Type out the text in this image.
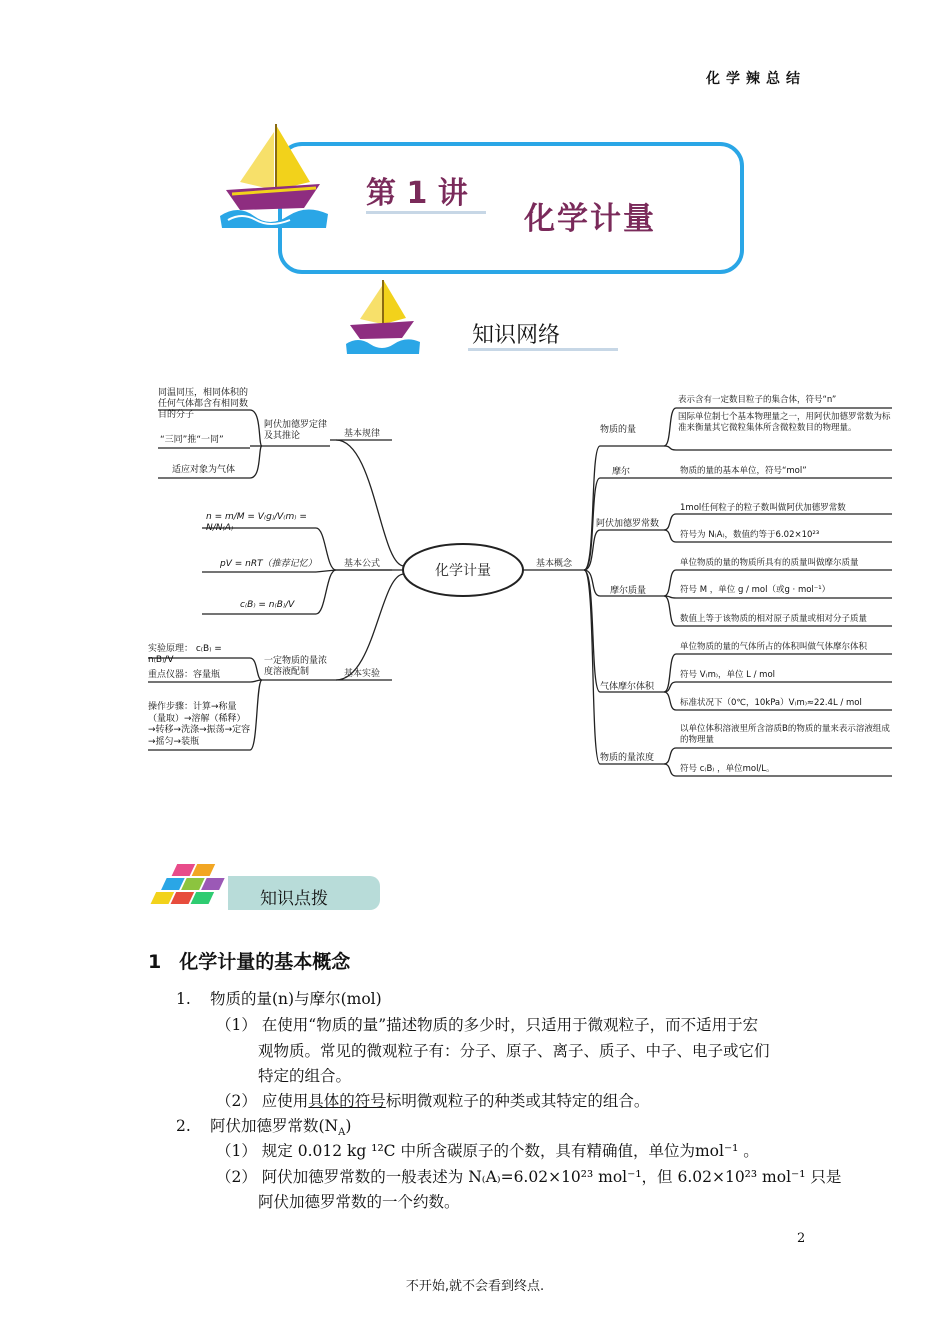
化学辣总结
第 1 讲
化学计量
知识网络
化学计量
基本规律
基本公式
基本实验
基本概念
阿伏加德罗定律及其推论
同温同压，相同体积的任何气体都含有相同数目的分子
“三同”推“一同”
适应对象为气体
n = m/M = V₍g₎/V₍m₎ = N/N₍A₎
pV = nRT（推荐记忆）
c₍B₎ = n₍B₎/V
一定物质的量浓度溶液配制
实验原理： c₍B₎ = n₍B₎/V
重点仪器：容量瓶
操作步骤：计算→称量（量取）→溶解（稀释）→转移→洗涤→振荡→定容→摇匀→装瓶
物质的量
摩尔
阿伏加德罗常数
摩尔质量
气体摩尔体积
物质的量浓度
表示含有一定数目粒子的集合体，符号“n”
国际单位制七个基本物理量之一，用阿伏加德罗常数为标准来衡量其它微粒集体所含微粒数目的物理量。
物质的量的基本单位，符号“mol”
1mol任何粒子的粒子数叫做阿伏加德罗常数
符号为 N₍A₎，数值约等于6.02×10²³
单位物质的量的物质所具有的质量叫做摩尔质量
符号 M ，单位 g / mol（或g · mol⁻¹）
数值上等于该物质的相对原子质量或相对分子质量
单位物质的量的气体所占的体积叫做气体摩尔体积
符号 V₍m₎，单位 L / mol
标准状况下（0℃，10kPa）V₍m₎≈22.4L / mol
以单位体积溶液里所含溶质B的物质的量来表示溶液组成的物理量
符号 c₍B₎ ，单位mol/L。
知识点拨
1 化学计量的基本概念
1. 物质的量(n)与摩尔(mol)
（1） 在使用“物质的量”描述物质的多少时，只适用于微观粒子，而不适用于宏
观物质。常见的微观粒子有：分子、原子、离子、质子、中子、电子或它们
特定的组合。
（2） 应使用具体的符号标明微观粒子的种类或其特定的组合。
2. 阿伏加德罗常数$(N_A)$
（1） 规定 0.012 kg ¹²C 中所含碳原子的个数，具有精确值，单位为mol⁻¹ 。
（2） 阿伏加德罗常数的一般表述为 N₍A₎=6.02×10²³ mol⁻¹，但 6.02×10²³ mol⁻¹ 只是
阿伏加德罗常数的一个约数。
2
不开始,就不会看到终点.
